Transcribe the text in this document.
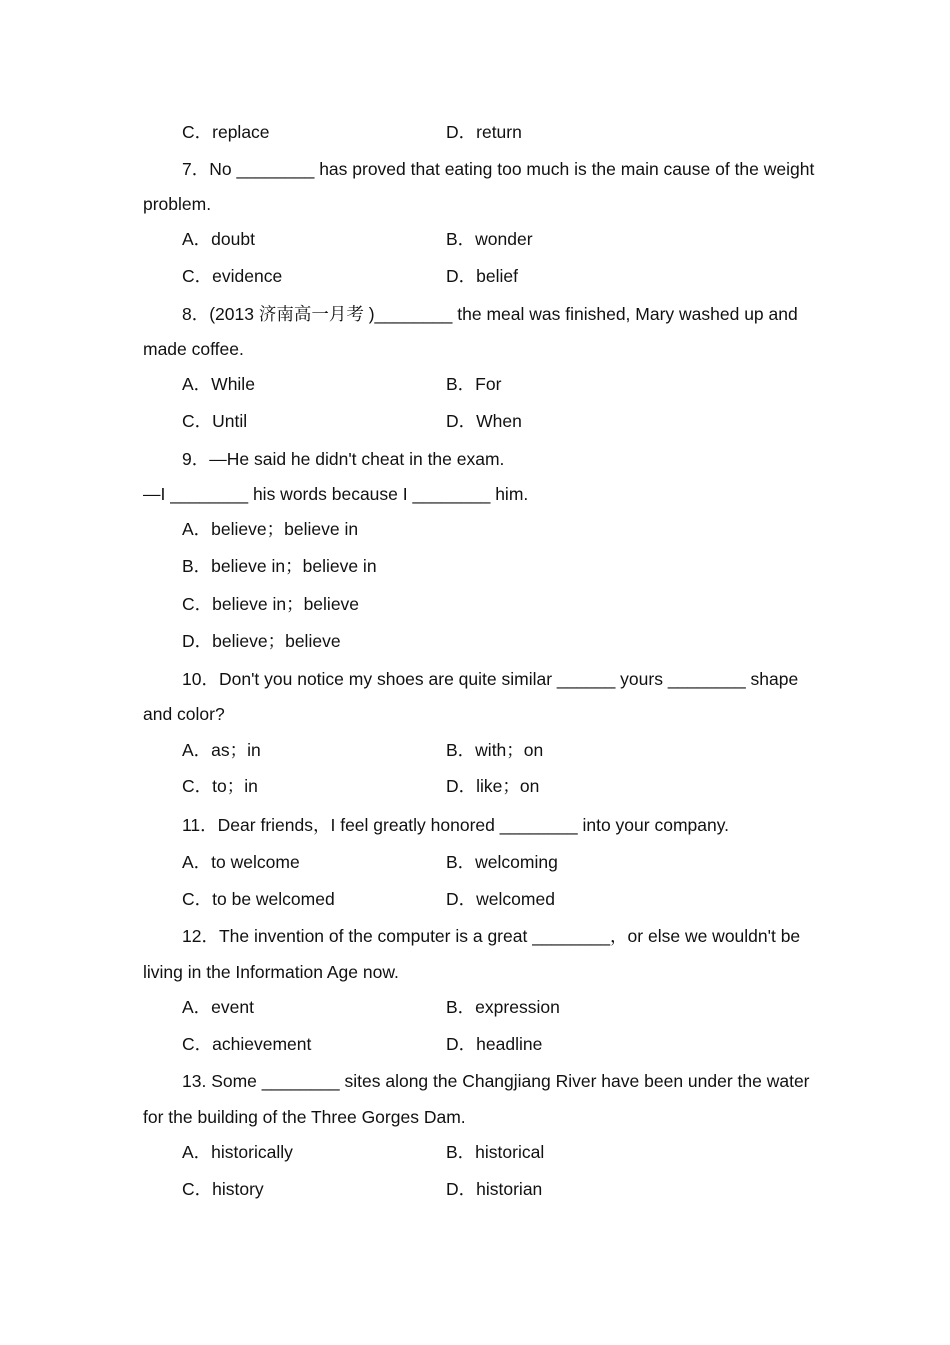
C．replace	D．return
7．No ________ has proved that eating too much is the main cause of the weight
problem.
A．doubt	B．wonder
C．evidence	D．belief
8．(2013 济南高一月考 )________ the meal was finished, Mary washed up and
made coffee.
A．While	B．For
C．Until	D．When
9．—He said he didn't cheat in the exam.
—I ________ his words because I ________ him.
A．believe；believe in
B．believe in；believe in
C．believe in；believe
D．believe；believe
10．Don't you notice my shoes are quite similar ______ yours ________ shape
and color?
A．as；in	B．with；on
C．to；in	D．like；on
11．Dear friends，I feel greatly honored ________ into your company.
A．to welcome	B．welcoming
C．to be welcomed	D．welcomed
12．The invention of the computer is a great ________，or else we wouldn't be
living in the Information Age now.
A．event	B．expression
C．achievement	D．headline
13. Some ________ sites along the Changjiang River have been under the water
for the building of the Three Gorges Dam.
A．historically	B．historical
C．history	D．historian
